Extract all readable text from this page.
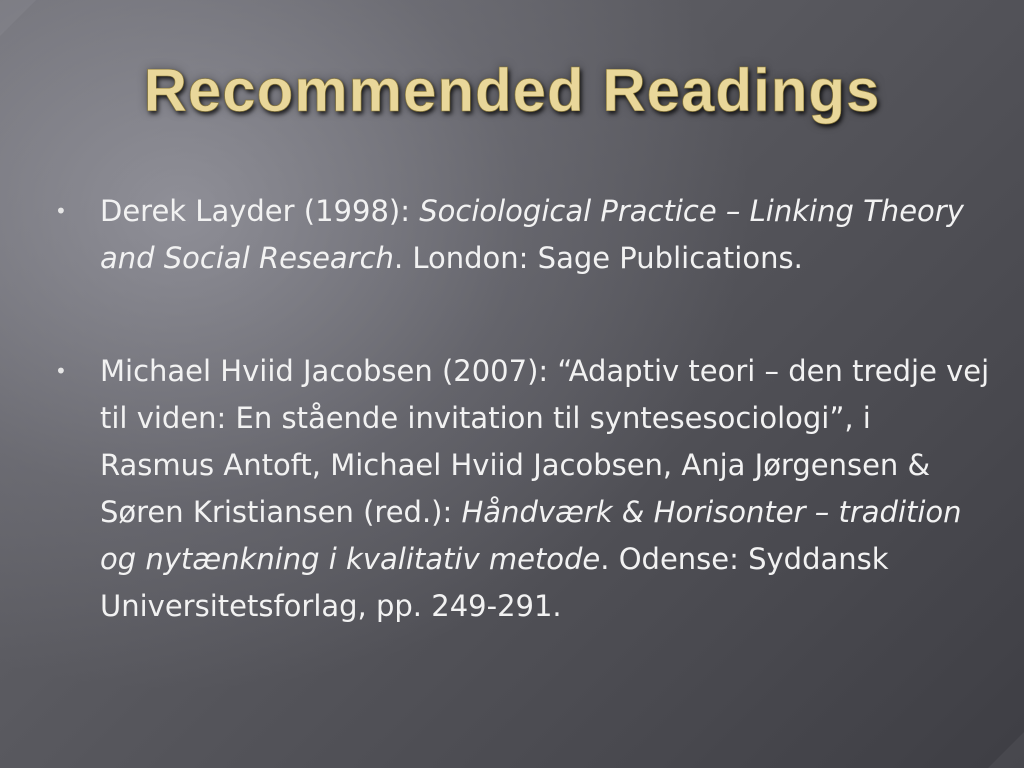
Recommended Readings
• Derek Layder (1998): Sociological Practice – Linking Theory and Social Research. London: Sage Publications.
• Michael Hviid Jacobsen (2007): “Adaptiv teori – den tredje vej til viden: En stående invitation til syntesesociologi”, i Rasmus Antoft, Michael Hviid Jacobsen, Anja Jørgensen & Søren Kristiansen (red.): Håndværk & Horisonter – tradition og nytænkning i kvalitativ metode. Odense: Syddansk Universitetsforlag, pp. 249-291.
